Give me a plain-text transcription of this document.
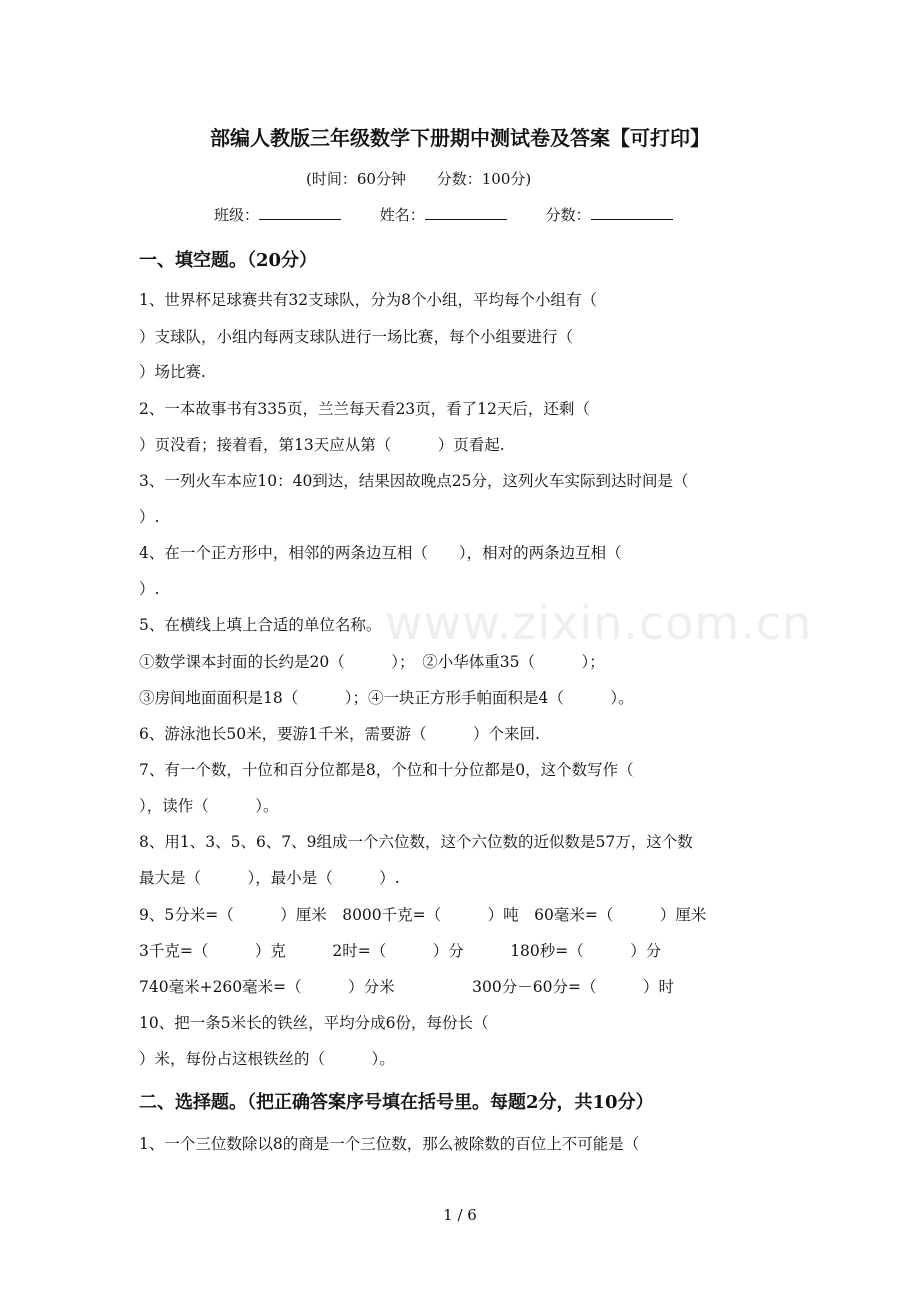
www.zixin.com.cn
部编人教版三年级数学下册期中测试卷及答案【可打印】
(时间：60分钟 分数：100分)
班级：	姓名：	分数：
一、填空题。（20分）
1、世界杯足球赛共有32支球队，分为8个小组，平均每个小组有（
）支球队，小组内每两支球队进行一场比赛，每个小组要进行（
）场比赛.
2、一本故事书有335页，兰兰每天看23页，看了12天后，还剩（
）页没看；接着看，第13天应从第（　　　）页看起.
3、一列火车本应10：40到达，结果因故晚点25分，这列火车实际到达时间是（
）.
4、在一个正方形中，相邻的两条边互相（　　），相对的两条边互相（
）.
5、在横线上填上合适的单位名称。
①数学课本封面的长约是20（　　　）；　②小华体重35（　　　）；
③房间地面面积是18（　　　）；④一块正方形手帕面积是4（　　　）。
6、游泳池长50米，要游1千米，需要游（　　　）个来回.
7、有一个数，十位和百分位都是8，个位和十分位都是0，这个数写作（
），读作（　　　）。
8、用1、3、5、6、7、9组成一个六位数，这个六位数的近似数是57万，这个数
最大是（　　　），最小是（　　　）.
9、5分米=（　　　）厘米　8000千克=（　　　）吨　60毫米=（　　　）厘米
3千克=（　　　）克　　　2时=（　　　）分　　　180秒=（　　　）分
740毫米+260毫米=（　　　）分米　　　　　300分－60分=（　　　）时
10、把一条5米长的铁丝，平均分成6份，每份长（
）米，每份占这根铁丝的（　　　）。
二、选择题。（把正确答案序号填在括号里。每题2分，共10分）
1、一个三位数除以8的商是一个三位数，那么被除数的百位上不可能是（
1 / 6
